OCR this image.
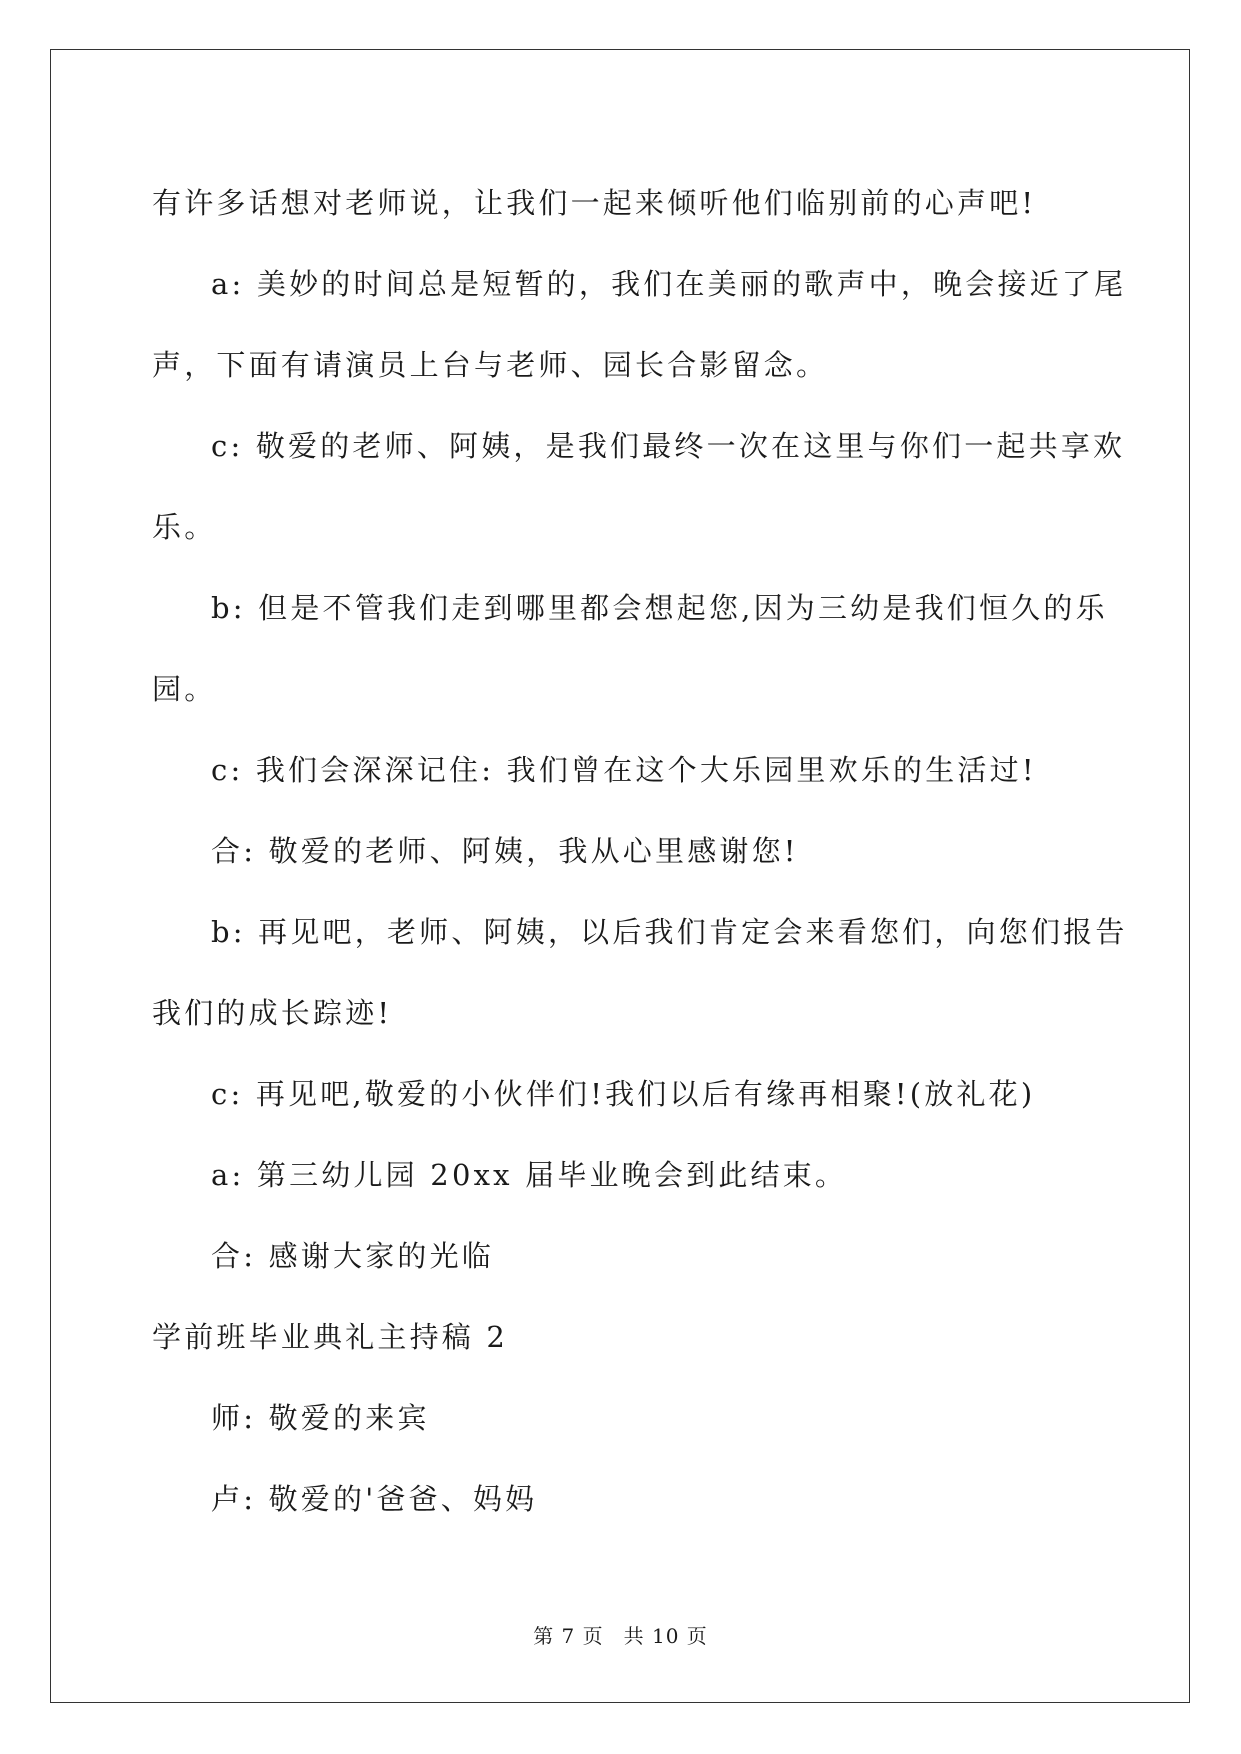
有许多话想对老师说，让我们一起来倾听他们临别前的心声吧!
a: 美妙的时间总是短暂的，我们在美丽的歌声中，晚会接近了尾
声，下面有请演员上台与老师、园长合影留念。
c: 敬爱的老师、阿姨，是我们最终一次在这里与你们一起共享欢
乐。
b: 但是不管我们走到哪里都会想起您,因为三幼是我们恒久的乐
园。
c: 我们会深深记住: 我们曾在这个大乐园里欢乐的生活过!
合: 敬爱的老师、阿姨，我从心里感谢您!
b: 再见吧，老师、阿姨，以后我们肯定会来看您们，向您们报告
我们的成长踪迹!
c: 再见吧,敬爱的小伙伴们!我们以后有缘再相聚!(放礼花)
a: 第三幼儿园 20xx 届毕业晚会到此结束。
合: 感谢大家的光临
学前班毕业典礼主持稿 2
师: 敬爱的来宾
卢: 敬爱的'爸爸、妈妈
第 7 页 共 10 页
